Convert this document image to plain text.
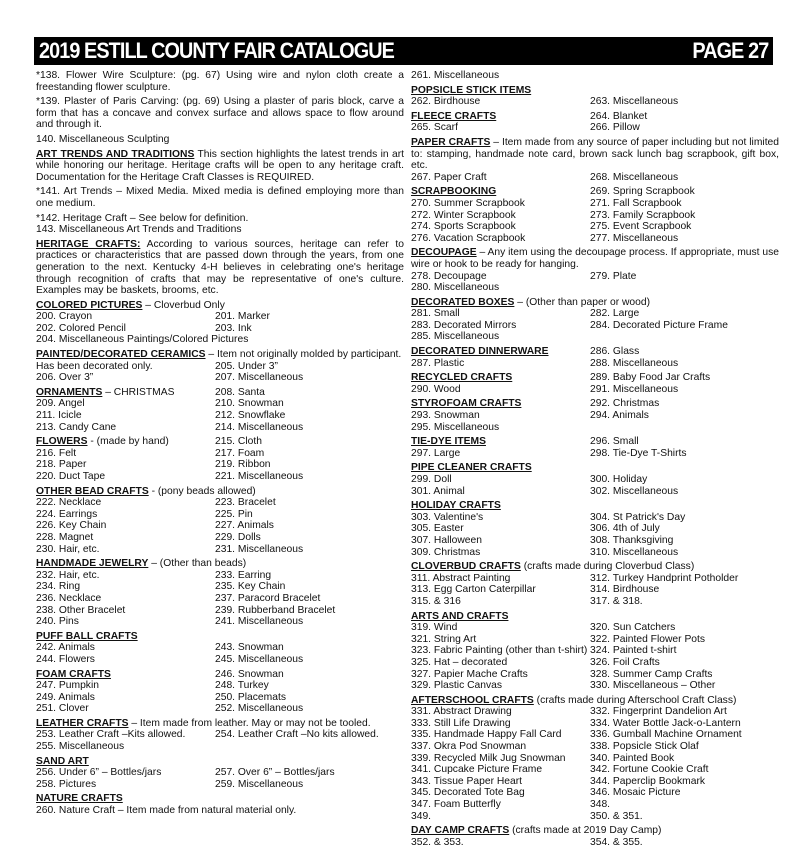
2019 ESTILL COUNTY FAIR CATALOGUE	PAGE 27

*138. Flower Wire Sculpture: (pg. 67) Using wire and nylon cloth create a freestanding flower sculpture.

*139. Plaster of Paris Carving: (pg. 69) Using a plaster of paris block, carve a form that has a concave and convex surface and allows space to flow around and through it.

140. Miscellaneous Sculpting

ART TRENDS AND TRADITIONS This section highlights the latest trends in art while honoring our heritage. Heritage crafts will be open to any heritage craft. Documentation for the Heritage Craft Classes is REQUIRED.

*141. Art Trends – Mixed Media. Mixed media is defined employing more than one medium.

*142. Heritage Craft – See below for definition.
143. Miscellaneous Art Trends and Traditions

HERITAGE CRAFTS: According to various sources, heritage can refer to practices or characteristics that are passed down through the years, from one generation to the next. Kentucky 4-H believes in celebrating one's heritage through recognition of crafts that may be representative of one's culture. Examples may be baskets, brooms, etc.

COLORED PICTURES – Cloverbud Only
200. Crayon	201. Marker
202. Colored Pencil	203. Ink
204. Miscellaneous Paintings/Colored Pictures
PAINTED/DECORATED CERAMICS – Item not originally molded by participant.
Has been decorated only.	205. Under 3”
206. Over 3”	207. Miscellaneous
ORNAMENTS – CHRISTMAS	208. Santa
209. Angel	210. Snowman
211. Icicle	212. Snowflake
213. Candy Cane	214. Miscellaneous
FLOWERS - (made by hand)	215. Cloth
216. Felt	217. Foam
218. Paper	219. Ribbon
220. Duct Tape	221. Miscellaneous
OTHER BEAD CRAFTS - (pony beads allowed)
222. Necklace	223. Bracelet
224. Earrings	225. Pin
226. Key Chain	227. Animals
228. Magnet	229. Dolls
230. Hair, etc.	231. Miscellaneous
HANDMADE JEWELRY – (Other than beads)
232. Hair, etc.	233. Earring
234. Ring	235. Key Chain
236. Necklace	237. Paracord Bracelet
238. Other Bracelet	239. Rubberband Bracelet
240. Pins	241. Miscellaneous
PUFF BALL CRAFTS
242. Animals	243. Snowman
244. Flowers	245. Miscellaneous
FOAM CRAFTS	246. Snowman
247. Pumpkin	248. Turkey
249. Animals	250. Placemats
251. Clover	252. Miscellaneous
LEATHER CRAFTS – Item made from leather. May or may not be tooled.
253. Leather Craft –Kits allowed.	254. Leather Craft –No kits allowed.
255. Miscellaneous
SAND ART
256. Under 6” – Bottles/jars	257. Over 6” – Bottles/jars
258. Pictures	259. Miscellaneous
NATURE CRAFTS
260. Nature Craft – Item made from natural material only.
261. Miscellaneous
POPSICLE STICK ITEMS
262. Birdhouse	263. Miscellaneous
FLEECE CRAFTS	264. Blanket
265. Scarf	266. Pillow

PAPER CRAFTS – Item made from any source of paper including but not limited to: stamping, handmade note card, brown sack lunch bag scrapbook, gift box, etc.

267. Paper Craft	268. Miscellaneous
SCRAPBOOKING	269. Spring Scrapbook
270. Summer Scrapbook	271. Fall Scrapbook
272. Winter Scrapbook	273. Family Scrapbook
274. Sports Scrapbook	275. Event Scrapbook
276. Vacation Scrapbook	277. Miscellaneous

DECOUPAGE – Any item using the decoupage process. If appropriate, must use wire or hook to be ready for hanging.

278. Decoupage	279. Plate
280. Miscellaneous
DECORATED BOXES – (Other than paper or wood)
281. Small	282. Large
283. Decorated Mirrors	284. Decorated Picture Frame
285. Miscellaneous
DECORATED DINNERWARE	286. Glass
287. Plastic	288. Miscellaneous
RECYCLED CRAFTS	289. Baby Food Jar Crafts
290. Wood	291. Miscellaneous
STYROFOAM CRAFTS	292. Christmas
293. Snowman	294. Animals
295. Miscellaneous
TIE-DYE ITEMS	296. Small
297. Large	298. Tie-Dye T-Shirts
PIPE CLEANER CRAFTS
299. Doll	300. Holiday
301. Animal	302. Miscellaneous
HOLIDAY CRAFTS
303. Valentine's	304. St Patrick's Day
305. Easter	306. 4th of July
307. Halloween	308. Thanksgiving
309. Christmas	310. Miscellaneous
CLOVERBUD CRAFTS (crafts made during Cloverbud Class)
311. Abstract Painting	312. Turkey Handprint Potholder
313. Egg Carton Caterpillar	314. Birdhouse
315. & 316	317. & 318.
ARTS AND CRAFTS
319. Wind	320. Sun Catchers
321. String Art	322. Painted Flower Pots
323. Fabric Painting (other than t-shirt) 324. Painted t-shirt
325. Hat – decorated	326. Foil Crafts
327. Papier Mache Crafts	328. Summer Camp Crafts
329. Plastic Canvas	330. Miscellaneous – Other
AFTERSCHOOL CRAFTS (crafts made during Afterschool Craft Class)
331. Abstract Drawing	332. Fingerprint Dandelion Art
333. Still Life Drawing	334. Water Bottle Jack-o-Lantern
335. Handmade Happy Fall Card	336. Gumball Machine Ornament
337. Okra Pod Snowman	338. Popsicle Stick Olaf
339. Recycled Milk Jug Snowman	340. Painted Book
341. Cupcake Picture Frame	342. Fortune Cookie Craft
343. Tissue Paper Heart	344. Paperclip Bookmark
345. Decorated Tote Bag	346. Mosaic Picture
347. Foam Butterfly	348.
349.	350. & 351.
DAY CAMP CRAFTS (crafts made at 2019 Day Camp)
352. & 353.	354. & 355.
